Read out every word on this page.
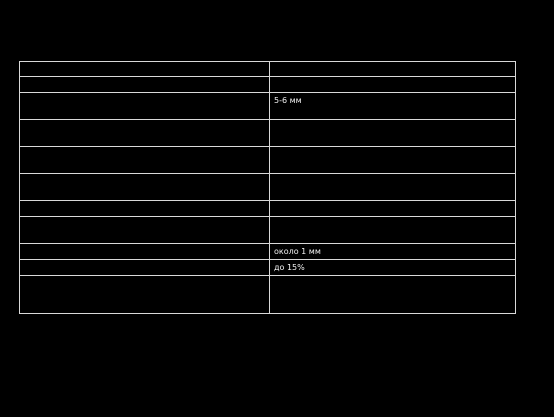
	5-6 мм

	около 1 мм

	до 15%
